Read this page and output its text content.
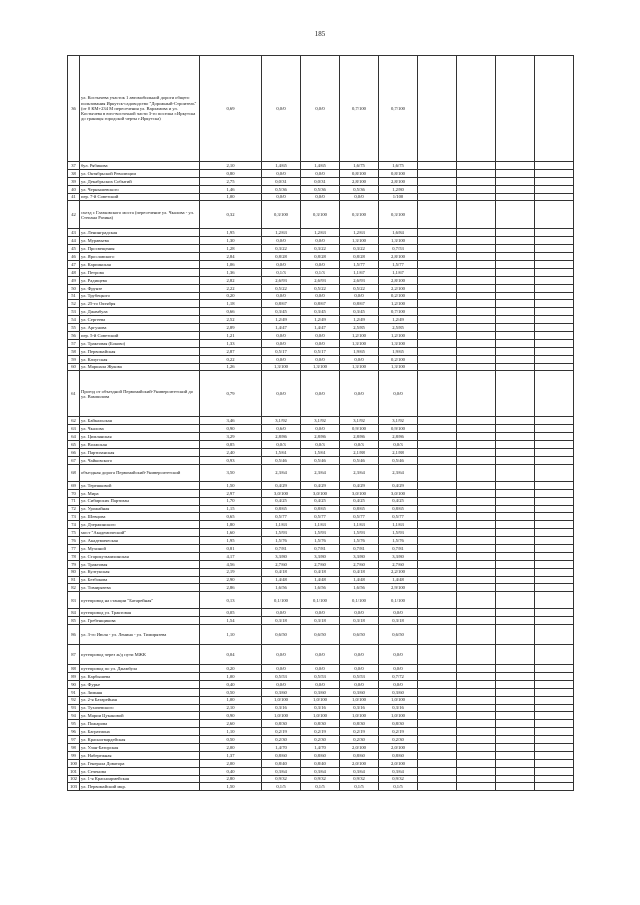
185
36	ул. Костычева участок 1 автомобильной дороги общего пользования Иркутск-садоводство "Дорожный-Строитель" (от 0 КМ+234 М пересечения ул. Варламова и ул. Костычева в юго-восточной части 3-го поселка г.Иркутска до границы городской черты г.Иркутска)	0,69	0,0/0	0,0/0	0,7/100	0,7/100				
37	бул. Рябикова	2,10	1,4/65	1,4/65	1,6/75	1,6/75				
38	ул. Октябрьской Революции	0,80	0,0/0	0,0/0	0,8/100	0,8/100				
39	ул. Декабрьских Событий	2,75	0,0/31	0,0/31	2,8/100	2,8/100				
40	ул. Чернышевского	1,46	0,5/36	0,5/36	0,5/36	1,2/80				
41	пер. 7-й Советский	1,00	0,0/0	0,0/0	0,0/0	1/100				
42	съезд с Глазковского моста (пересечение ул. Чкалова - ул. Степана Разина)	0,32	0,3/100	0,3/100	0,3/100	0,3/100				
43	ул. Ленинградская	1,95	1,2/63	1,2/63	1,2/63	1,6/84				
44	ул. Муравьева	1,30	0,0/0	0,0/0	1,3/100	1,3/100				
45	ул. Просвещения	1,28	0,3/22	0,3/22	0,3/22	0,7/53				
46	ул. Ярославского	2,84	0,8/28	0,8/28	0,8/28	2,8/100				
47	ул. Карпинская	1,06	0,0/0	0,0/0	1,5/77	1,5/77				
48	ул. Петрова	1,36	0,1/3	0,1/3	1,1/67	1,1/67				
49	ул. Радищева	2,82	2,6/93	2,6/93	2,6/93	2,8/100				
50	ул. Фрунзе	2,22	0,5/22	0,5/22	0,5/22	2,2/100				
51	ул. Трубецкого	0,20	0,0/0	0,0/0	0,0/0	0,2/100				
52	ул. 25-го Октября	1,18	0,8/67	0,8/67	0,8/67	1,2/100				
53	ул. Джамбула	0,66	0,3/45	0,3/45	0,3/45	0,7/100				
54	ул. Сергеева	2,52	1,2/49	1,2/49	1,2/49	1,2/49				
55	ул. Аргунова	2,89	1,4/47	1,4/47	2,5/85	2,5/85				
56	пер. 5-й Советский	1,21	0,0/0	0,0/0	1,2/100	1,2/100				
57	ул. Трактовая (Боково)	1,33	0,0/0	0,0/0	1,3/100	1,3/100				
58	ул. Первомайская	2,87	0,5/17	0,5/17	1,9/65	1,9/65				
59	ул. Качугская	0,22	0,0/0	0,0/0	0,0/0	0,2/100				
60	ул. Маршала Жукова	1,26	1,3/100	1,3/100	1,3/100	1,3/100				
61	Проезд от объездной Первомайский-Университетский до ул. Вампилова	0,79	0,0/0	0,0/0	0,0/0	0,0/0				
62	ул. Байкальская	3,46	3,1/92	3,1/92	3,1/92	3,1/92				
63	ул. Чкалова	0,90	0,6/0	0,0/0	0,9/100	0,9/100				
64	ул. Цимлянская	3,29	2,8/86	2,8/86	2,8/86	2,8/86				
65	ул. Волжская	0,85	0,0/3	0,0/3	0,0/3	0,0/3				
66	ул. Партизанская	2,40	1,5/61	1,5/61	2,1/88	2,1/88				
67	ул. Чайковского	0,93	0,5/46	0,5/46	0,5/46	0,5/46				
68	объездная дорога Первомайский-Университетский	3,50	2,3/64	2,3/64	2,3/64	2,3/64				
69	ул. Терешковой	1,50	0,4/29	0,4/29	0,4/29	0,4/29				
70	ул. Мира	2,97	3,0/100	3,0/100	3,0/100	3,0/100				
71	ул. Сибирских Партизан	1,70	0,4/25	0,4/25	0,4/25	0,4/25				
72	ул. Урожайная	1,15	0,8/65	0,8/65	0,8/65	0,8/65				
73	ул. Шевцова	0,65	0,5/77	0,5/77	0,5/77	0,5/77				
74	ул. Дзержинского	1,80	1,1/63	1,1/63	1,1/63	1,1/63				
75	мост "Академический"	1,60	1,5/93	1,5/93	1,5/93	1,5/93				
76	ул. Академическая	1,95	1,5/76	1,5/76	1,5/76	1,5/76				
77	ул. Мухиной	0,81	0,7/81	0,7/81	0,7/81	0,7/81				
78	ул. Старокузьмихинская	4,17	3,3/80	3,3/80	3,3/80	3,3/80				
79	ул. Трактовая	4,56	2,7/60	2,7/60	2,7/60	2,7/60				
80	ул. Култукская	2,19	0,4/18	0,4/18	0,4/18	2,2/100				
81	ул. Безбокова	2,90	1,4/48	1,4/48	1,4/48	1,4/48				
82	ул. Тимирязева	2,86	1,6/56	1,6/56	1,6/56	2,9/100				
83	путепровод на станции "Батарейная"	0,13	0,1/100	0,1/100	0,1/100	0,1/100				
84	путепровод ул. Трактовая	0,05	0,0/0	0,0/0	0,0/0	0,0/0				
85	ул. Гребенщикова	1,54	0,3/18	0,3/18	0,3/18	0,3/18				
86	ул. 3-го Июля - ул. Ленина - ул. Тимирязева	1,10	0,6/50	0,6/50	0,6/50	0,6/50				
87	путепровод через ж/д пути МЖК	0,04	0,0/0	0,0/0	0,0/0	0,0/0				
88	путепровод по ул. Джамбула	0,20	0,0/0	0,0/0	0,0/0	0,0/0				
89	ул. Карбышева	1,00	0,5/53	0,5/53	0,5/53	0,7/72				
90	ул. Фурье	0,40	0,0/0	0,0/0	0,0/0	0,0/0				
91	ул. Зимняя	0,50	0,3/60	0,3/60	0,3/60	0,3/60				
92	ул. 2-я Батарейная	1,00	1,0/100	1,0/100	1,0/100	1,0/100				
93	ул. Тухачевского	2,10	0,3/16	0,3/16	0,3/16	0,3/16				
94	ул. Марии Цукановой	0,90	1,0/100	1,0/100	1,0/100	1,0/100				
95	ул. Пожарова	2,60	0,8/30	0,8/30	0,8/30	0,8/30				
96	ул. Багратиона	1,10	0,2/19	0,2/19	0,2/19	0,2/19				
97	ул. Красногвардейская	0,50	0,2/30	0,2/30	0,2/30	0,2/30				
98	ул. Улан-Баторская	2,00	1,4/70	1,4/70	2,0/100	2,0/100				
99	ул. Набережная	1,37	0,8/60	0,8/60	0,8/60	0,8/60				
100	ул. Генерала Доватора	2,00	0,8/40	0,8/40	2,0/100	2,0/100				
101	ул. Сеченова	0,40	0,3/64	0,3/64	0,3/64	0,3/64				
102	ул. 1-я Красноармейская	2,80	0,9/32	0,9/32	0,9/32	0,9/32				
103	ул. Первомайский мкр.	1,50	0,1/5	0,1/5	0,1/5	0,1/5				
